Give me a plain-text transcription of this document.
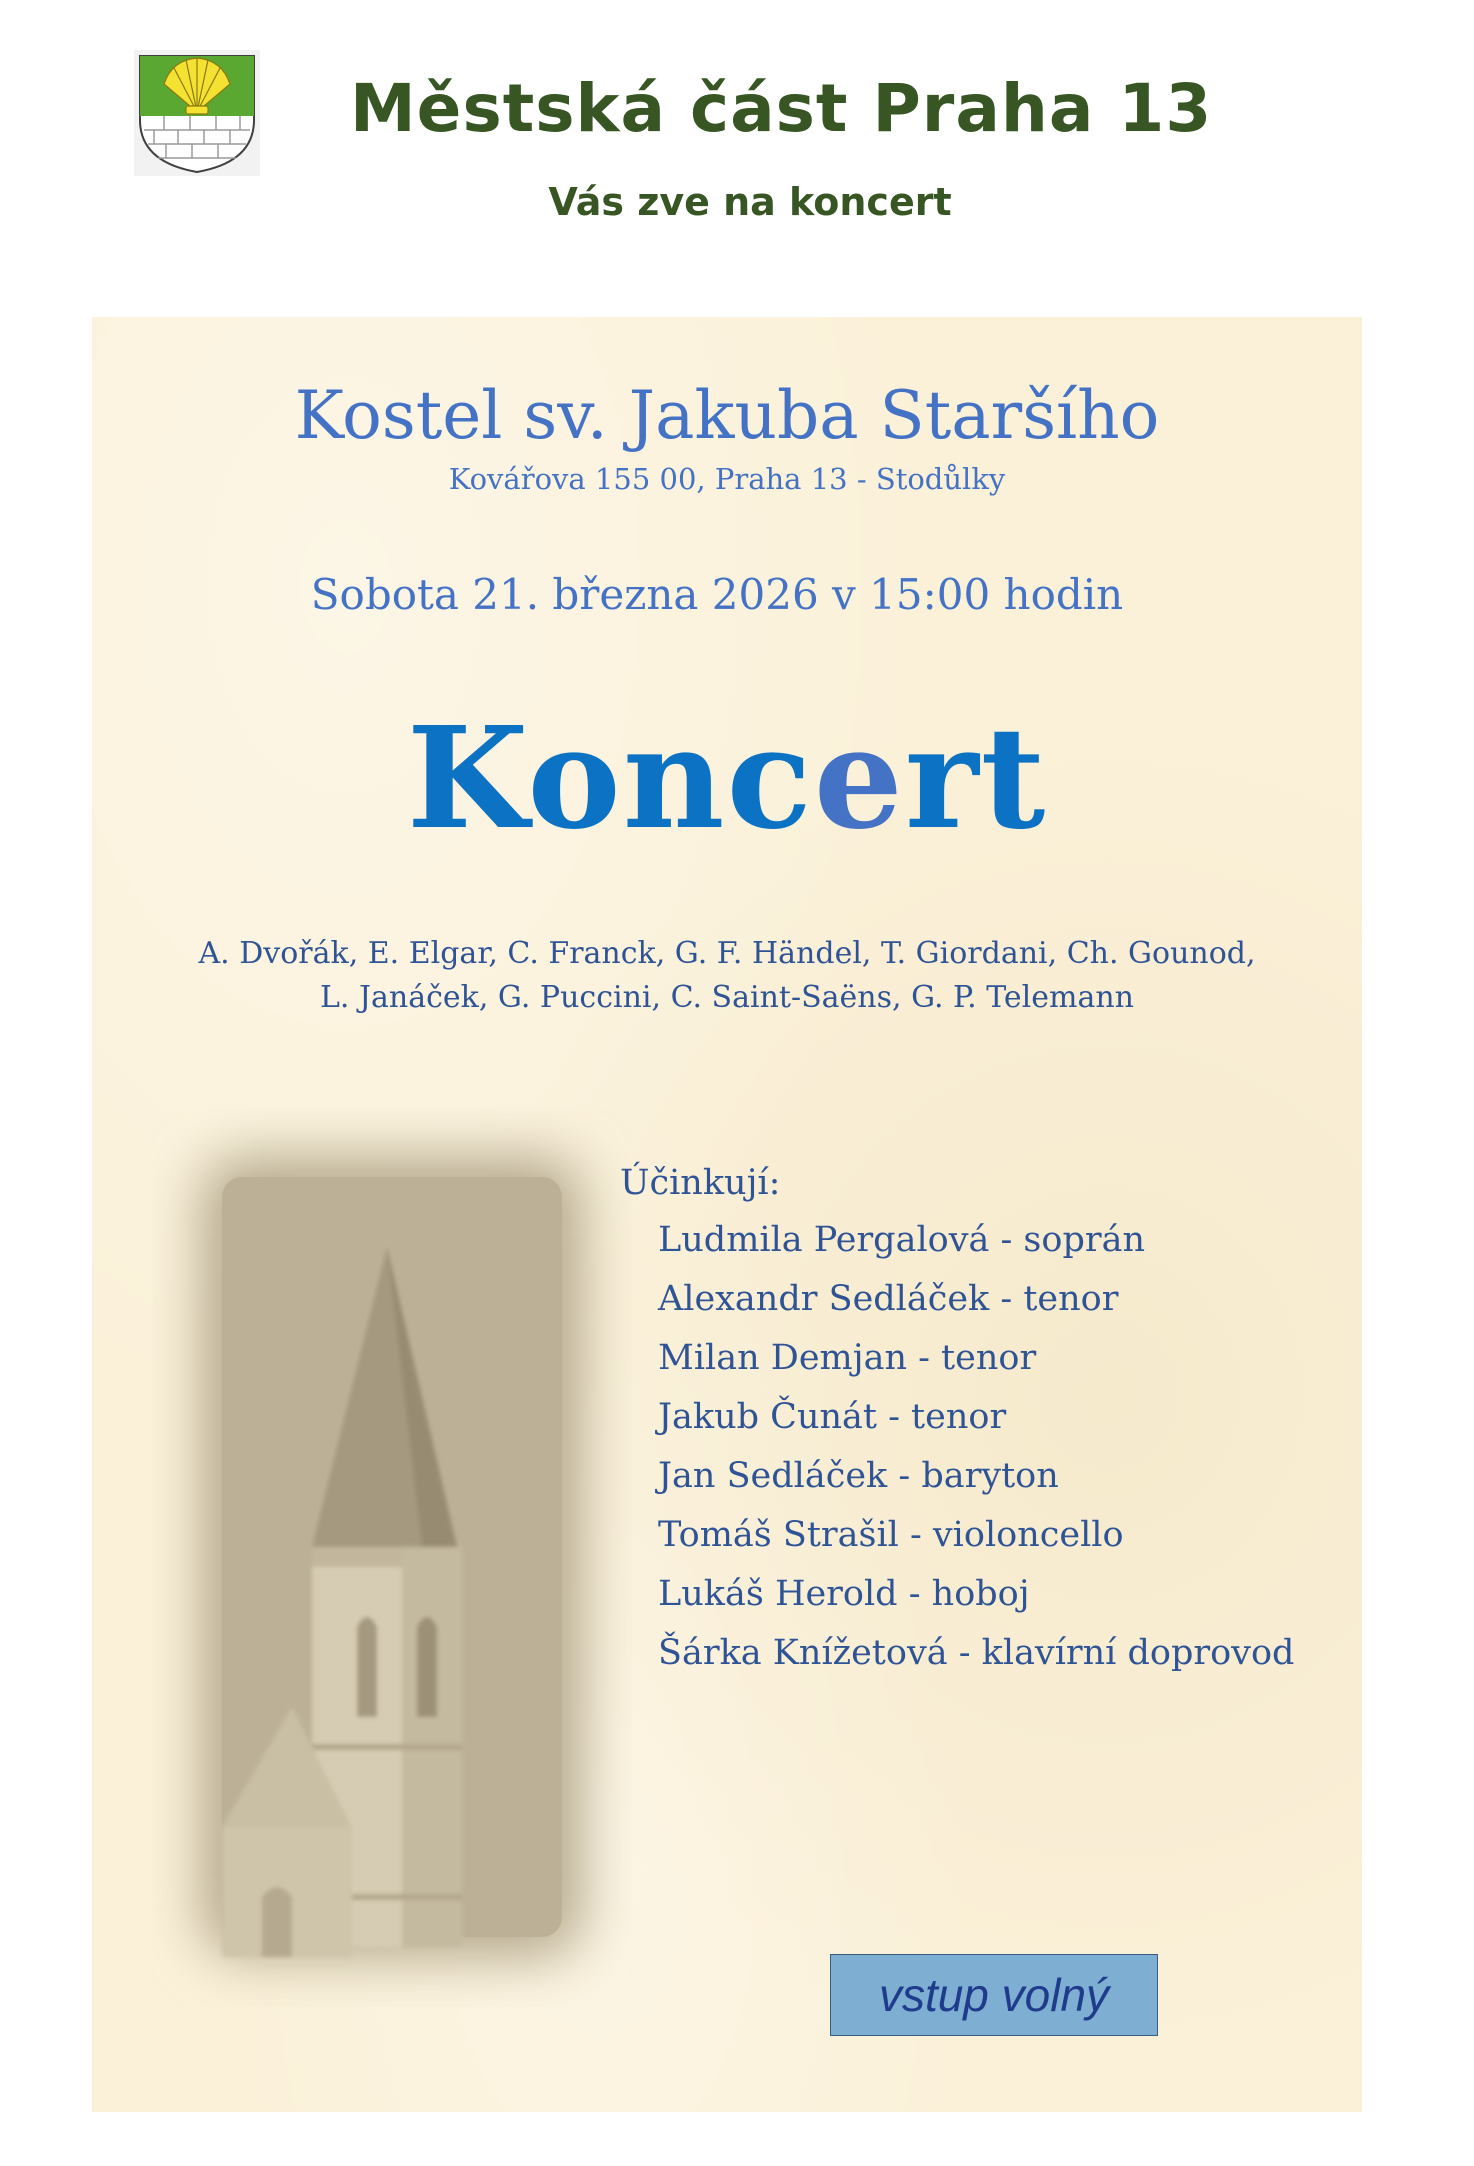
Městská část Praha 13
Vás zve na koncert
Kostel sv. Jakuba Staršího
Kovářova 155 00, Praha 13 - Stodůlky
Sobota 21. března 2026 v 15:00 hodin
Koncert
A. Dvořák, E. Elgar, C. Franck, G. F. Händel, T. Giordani, Ch. Gounod,
L. Janáček, G. Puccini, C. Saint-Saëns, G. P. Telemann
Účinkují:
Ludmila Pergalová - soprán
Alexandr Sedláček - tenor
Milan Demjan - tenor
Jakub Čunát - tenor
Jan Sedláček - baryton
Tomáš Strašil - violoncello
Lukáš Herold - hoboj
Šárka Knížetová - klavírní doprovod
vstup volný
